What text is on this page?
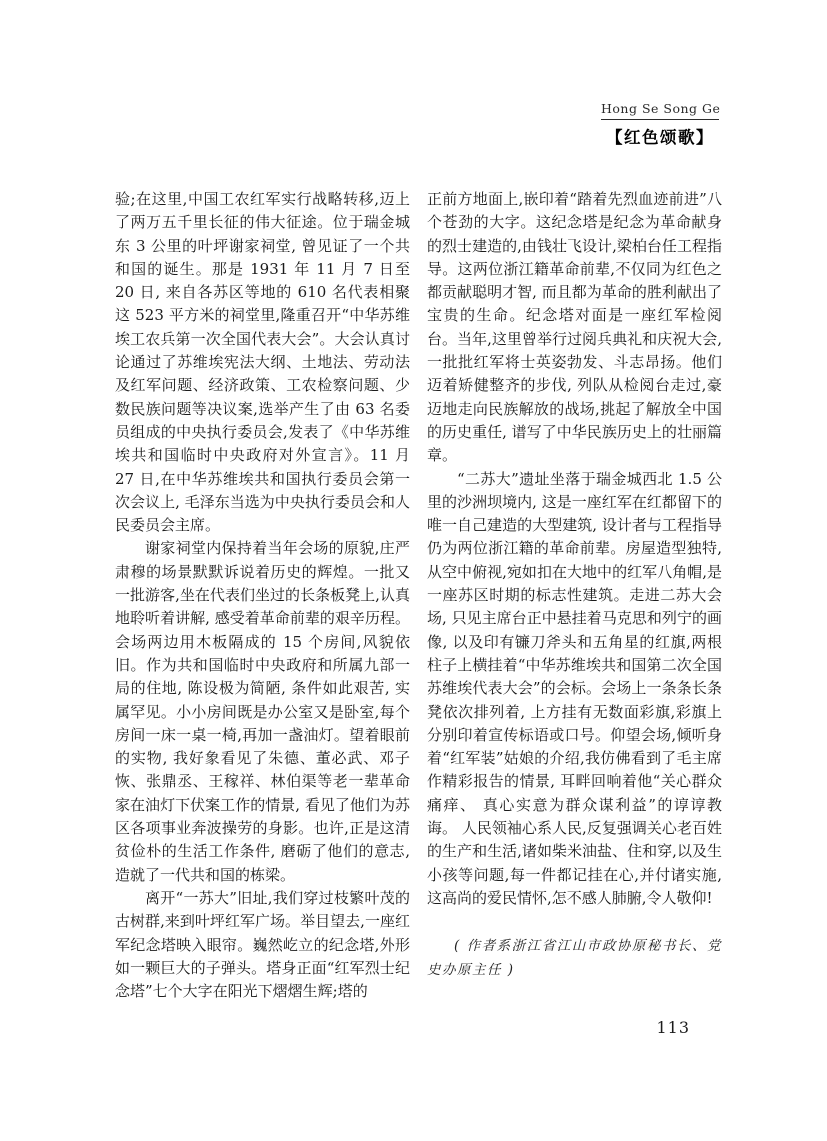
Hong Se Song Ge
【红色颂歌】

验;在这里,中国工农红军实行战略转移,迈上了两万五千里长征的伟大征途。位于瑞金城东 3 公里的叶坪谢家祠堂, 曾见证了一个共和国的诞生。那是 1931 年 11 月 7 日至 20 日, 来自各苏区等地的 610 名代表相聚这 523 平方米的祠堂里,隆重召开“中华苏维埃工农兵第一次全国代表大会”。大会认真讨论通过了苏维埃宪法大纲、土地法、劳动法及红军问题、经济政策、工农检察问题、少数民族问题等决议案,选举产生了由 63 名委员组成的中央执行委员会,发表了《中华苏维埃共和国临时中央政府对外宣言》。11 月 27 日,在中华苏维埃共和国执行委员会第一次会议上, 毛泽东当选为中央执行委员会和人民委员会主席。

谢家祠堂内保持着当年会场的原貌,庄严肃穆的场景默默诉说着历史的辉煌。一批又一批游客,坐在代表们坐过的长条板凳上,认真地聆听着讲解, 感受着革命前辈的艰辛历程。会场两边用木板隔成的 15 个房间,风貌依旧。作为共和国临时中央政府和所属九部一局的住地, 陈设极为简陋, 条件如此艰苦, 实属罕见。小小房间既是办公室又是卧室,每个房间一床一桌一椅,再加一盏油灯。望着眼前的实物, 我好象看见了朱德、董必武、邓子恢、张鼎丞、王稼祥、林伯渠等老一辈革命家在油灯下伏案工作的情景, 看见了他们为苏区各项事业奔波操劳的身影。也许,正是这清贫俭朴的生活工作条件, 磨砺了他们的意志,造就了一代共和国的栋梁。

离开“一苏大”旧址,我们穿过枝繁叶茂的古树群,来到叶坪红军广场。举目望去,一座红军纪念塔映入眼帘。巍然屹立的纪念塔,外形如一颗巨大的子弹头。塔身正面“红军烈士纪念塔”七个大字在阳光下熠熠生辉;塔的

正前方地面上,嵌印着“踏着先烈血迹前进”八个苍劲的大字。这纪念塔是纪念为革命献身的烈士建造的,由钱壮飞设计,梁柏台任工程指导。这两位浙江籍革命前辈,不仅同为红色之都贡献聪明才智, 而且都为革命的胜利献出了宝贵的生命。纪念塔对面是一座红军检阅台。当年,这里曾举行过阅兵典礼和庆祝大会,一批批红军将士英姿勃发、斗志昂扬。他们迈着矫健整齐的步伐, 列队从检阅台走过,豪迈地走向民族解放的战场,挑起了解放全中国的历史重任, 谱写了中华民族历史上的壮丽篇章。

“二苏大”遗址坐落于瑞金城西北 1.5 公里的沙洲坝境内, 这是一座红军在红都留下的唯一自己建造的大型建筑, 设计者与工程指导仍为两位浙江籍的革命前辈。房屋造型独特,从空中俯视,宛如扣在大地中的红军八角帽,是一座苏区时期的标志性建筑。走进二苏大会场, 只见主席台正中悬挂着马克思和列宁的画像, 以及印有镰刀斧头和五角星的红旗,两根柱子上横挂着“中华苏维埃共和国第二次全国苏维埃代表大会”的会标。会场上一条条长条凳依次排列着, 上方挂有无数面彩旗,彩旗上分别印着宣传标语或口号。仰望会场,倾听身着“红军装”姑娘的介绍,我仿佛看到了毛主席作精彩报告的情景, 耳畔回响着他“关心群众痛痒、 真心实意为群众谋利益”的谆谆教诲。 人民领袖心系人民,反复强调关心老百姓的生产和生活,诸如柴米油盐、住和穿,以及生小孩等问题,每一件都记挂在心,并付诸实施,这高尚的爱民情怀,怎不感人肺腑,令人敬仰!

( 作者系浙江省江山市政协原秘书长、党史办原主任 )

113
